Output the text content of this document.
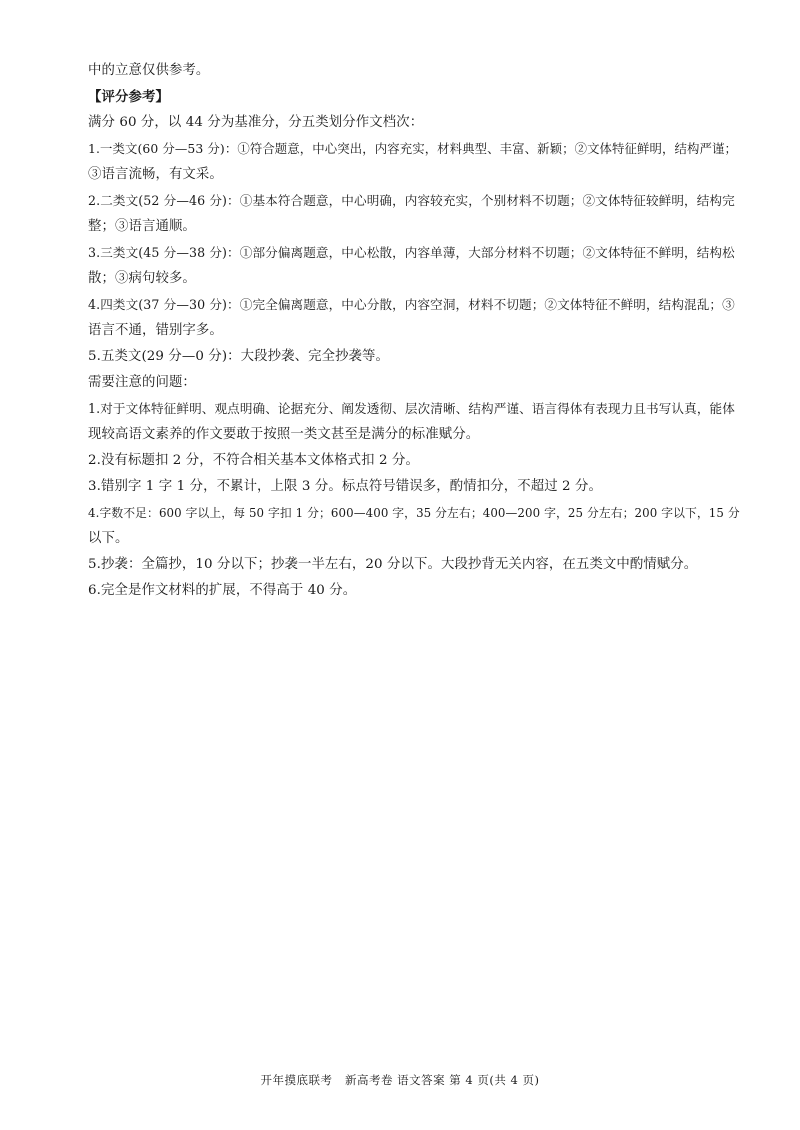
中的立意仅供参考。
【评分参考】
满分 60 分，以 44 分为基准分，分五类划分作文档次：
1.一类文(60 分—53 分)：①符合题意，中心突出，内容充实，材料典型、丰富、新颖；②文体特征鲜明，结构严谨；
③语言流畅，有文采。
2.二类文(52 分—46 分)：①基本符合题意，中心明确，内容较充实，个别材料不切题；②文体特征较鲜明，结构完
整；③语言通顺。
3.三类文(45 分—38 分)：①部分偏离题意，中心松散，内容单薄，大部分材料不切题；②文体特征不鲜明，结构松
散；③病句较多。
4.四类文(37 分—30 分)：①完全偏离题意，中心分散，内容空洞，材料不切题；②文体特征不鲜明，结构混乱；③
语言不通，错别字多。
5.五类文(29 分—0 分)：大段抄袭、完全抄袭等。
需要注意的问题：
1.对于文体特征鲜明、观点明确、论据充分、阐发透彻、层次清晰、结构严谨、语言得体有表现力且书写认真，能体
现较高语文素养的作文要敢于按照一类文甚至是满分的标准赋分。
2.没有标题扣 2 分，不符合相关基本文体格式扣 2 分。
3.错别字 1 字 1 分，不累计，上限 3 分。标点符号错误多，酌情扣分，不超过 2 分。
4.字数不足：600 字以上，每 50 字扣 1 分；600—400 字，35 分左右；400—200 字，25 分左右；200 字以下，15 分
以下。
5.抄袭：全篇抄，10 分以下；抄袭一半左右，20 分以下。大段抄背无关内容，在五类文中酌情赋分。
6.完全是作文材料的扩展，不得高于 40 分。
开年摸底联考   新高考卷 语文答案 第 4 页(共 4 页)
